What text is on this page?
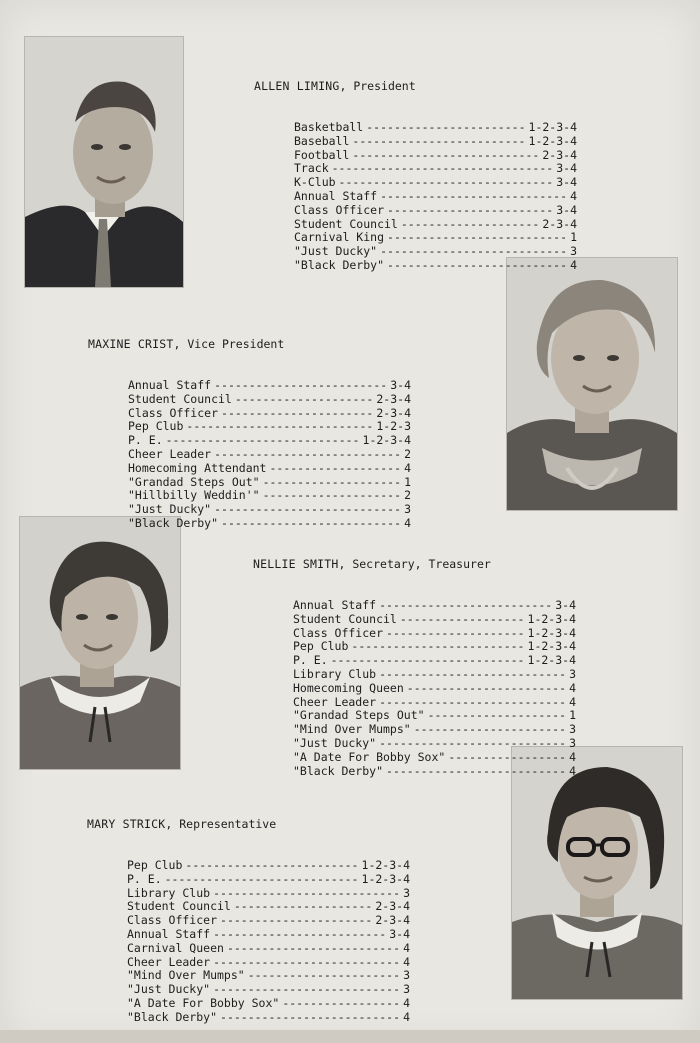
ALLEN LIMING, President

Basketball -----	1-2-3-4
Baseball -----	1-2-3-4
Football -----	2-3-4
Track -----	3-4
K-Club -----	3-4
Annual Staff -----	4
Class Officer -----	3-4
Student Council -----	2-3-4
Carnival King -----	1
"Just Ducky" -----	3
"Black Derby" -----	4

MAXINE CRIST, Vice President

Annual Staff -----	3-4
Student Council -----	2-3-4
Class Officer -----	2-3-4
Pep Club -----	1-2-3
P. E. -----	1-2-3-4
Cheer Leader -----	2
Homecoming Attendant -----	4
"Grandad Steps Out" -----	1
"Hillbilly Weddin'" -----	2
"Just Ducky" -----	3
"Black Derby" -----	4

NELLIE SMITH, Secretary, Treasurer

Annual Staff -----	3-4
Student Council -----	1-2-3-4
Class Officer -----	1-2-3-4
Pep Club -----	1-2-3-4
P. E. -----	1-2-3-4
Library Club -----	3
Homecoming Queen -----	4
Cheer Leader -----	4
"Grandad Steps Out" -----	1
"Mind Over Mumps" -----	3
"Just Ducky" -----	3
"A Date For Bobby Sox" -----	4
"Black Derby" -----	4

MARY STRICK, Representative

Pep Club -----	1-2-3-4
P. E. -----	1-2-3-4
Library Club -----	3
Student Council -----	2-3-4
Class Officer -----	2-3-4
Annual Staff -----	3-4
Carnival Queen -----	4
Cheer Leader -----	4
"Mind Over Mumps" -----	3
"Just Ducky" -----	3
"A Date For Bobby Sox" -----	4
"Black Derby" -----	4
